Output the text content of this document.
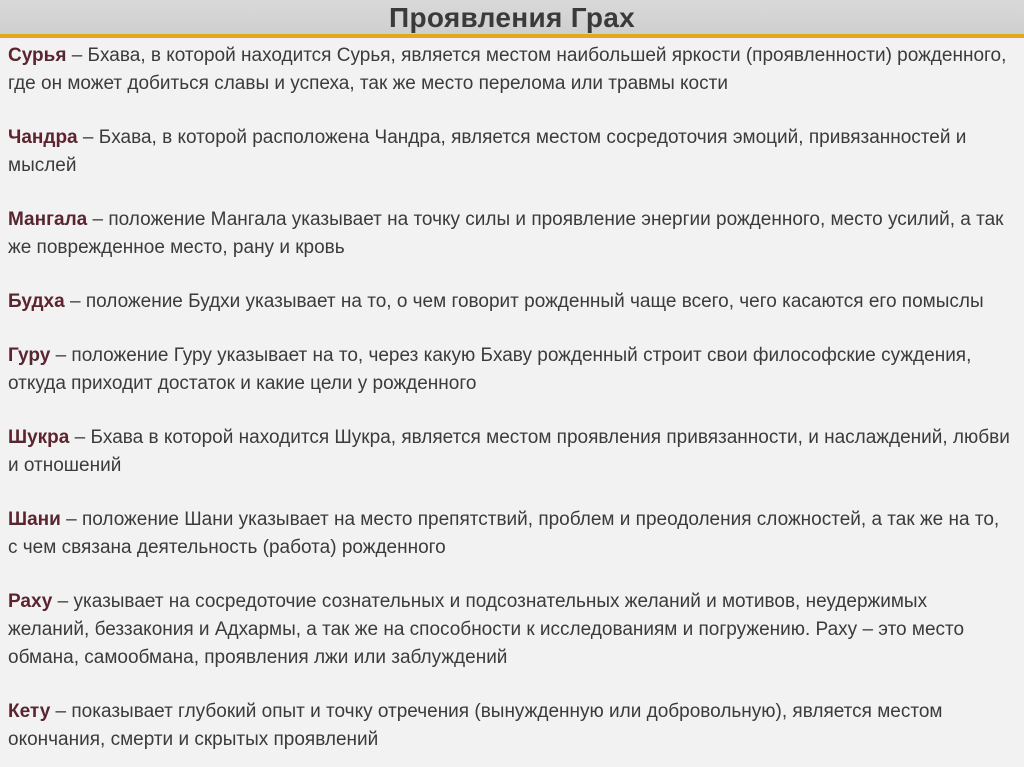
Проявления Грах

Сурья – Бхава, в которой находится Сурья, является местом наибольшей яркости (проявленности) рожденного, где он может добиться славы и успеха, так же место перелома или травмы кости

Чандра – Бхава, в которой расположена Чандра, является местом сосредоточия эмоций, привязанностей и мыслей

Мангала – положение Мангала указывает на точку силы и проявление энергии рожденного, место усилий, а так же поврежденное место, рану и кровь

Будха – положение Будхи указывает на то, о чем говорит рожденный чаще всего, чего касаются его помыслы

Гуру – положение Гуру указывает на то, через какую Бхаву рожденный строит свои философские суждения, откуда приходит достаток и какие цели у рожденного

Шукра – Бхава в которой находится Шукра, является местом проявления привязанности, и наслаждений, любви и отношений

Шани – положение Шани указывает на место препятствий, проблем и преодоления сложностей, а так же на то, с чем связана деятельность (работа) рожденного

Раху – указывает на сосредоточие сознательных и подсознательных желаний и мотивов, неудержимых желаний, беззакония и Адхармы, а так же на способности к исследованиям и погружению. Раху – это место обмана, самообмана, проявления лжи или заблуждений

Кету – показывает глубокий опыт и точку отречения (вынужденную или добровольную), является местом окончания, смерти и скрытых проявлений
